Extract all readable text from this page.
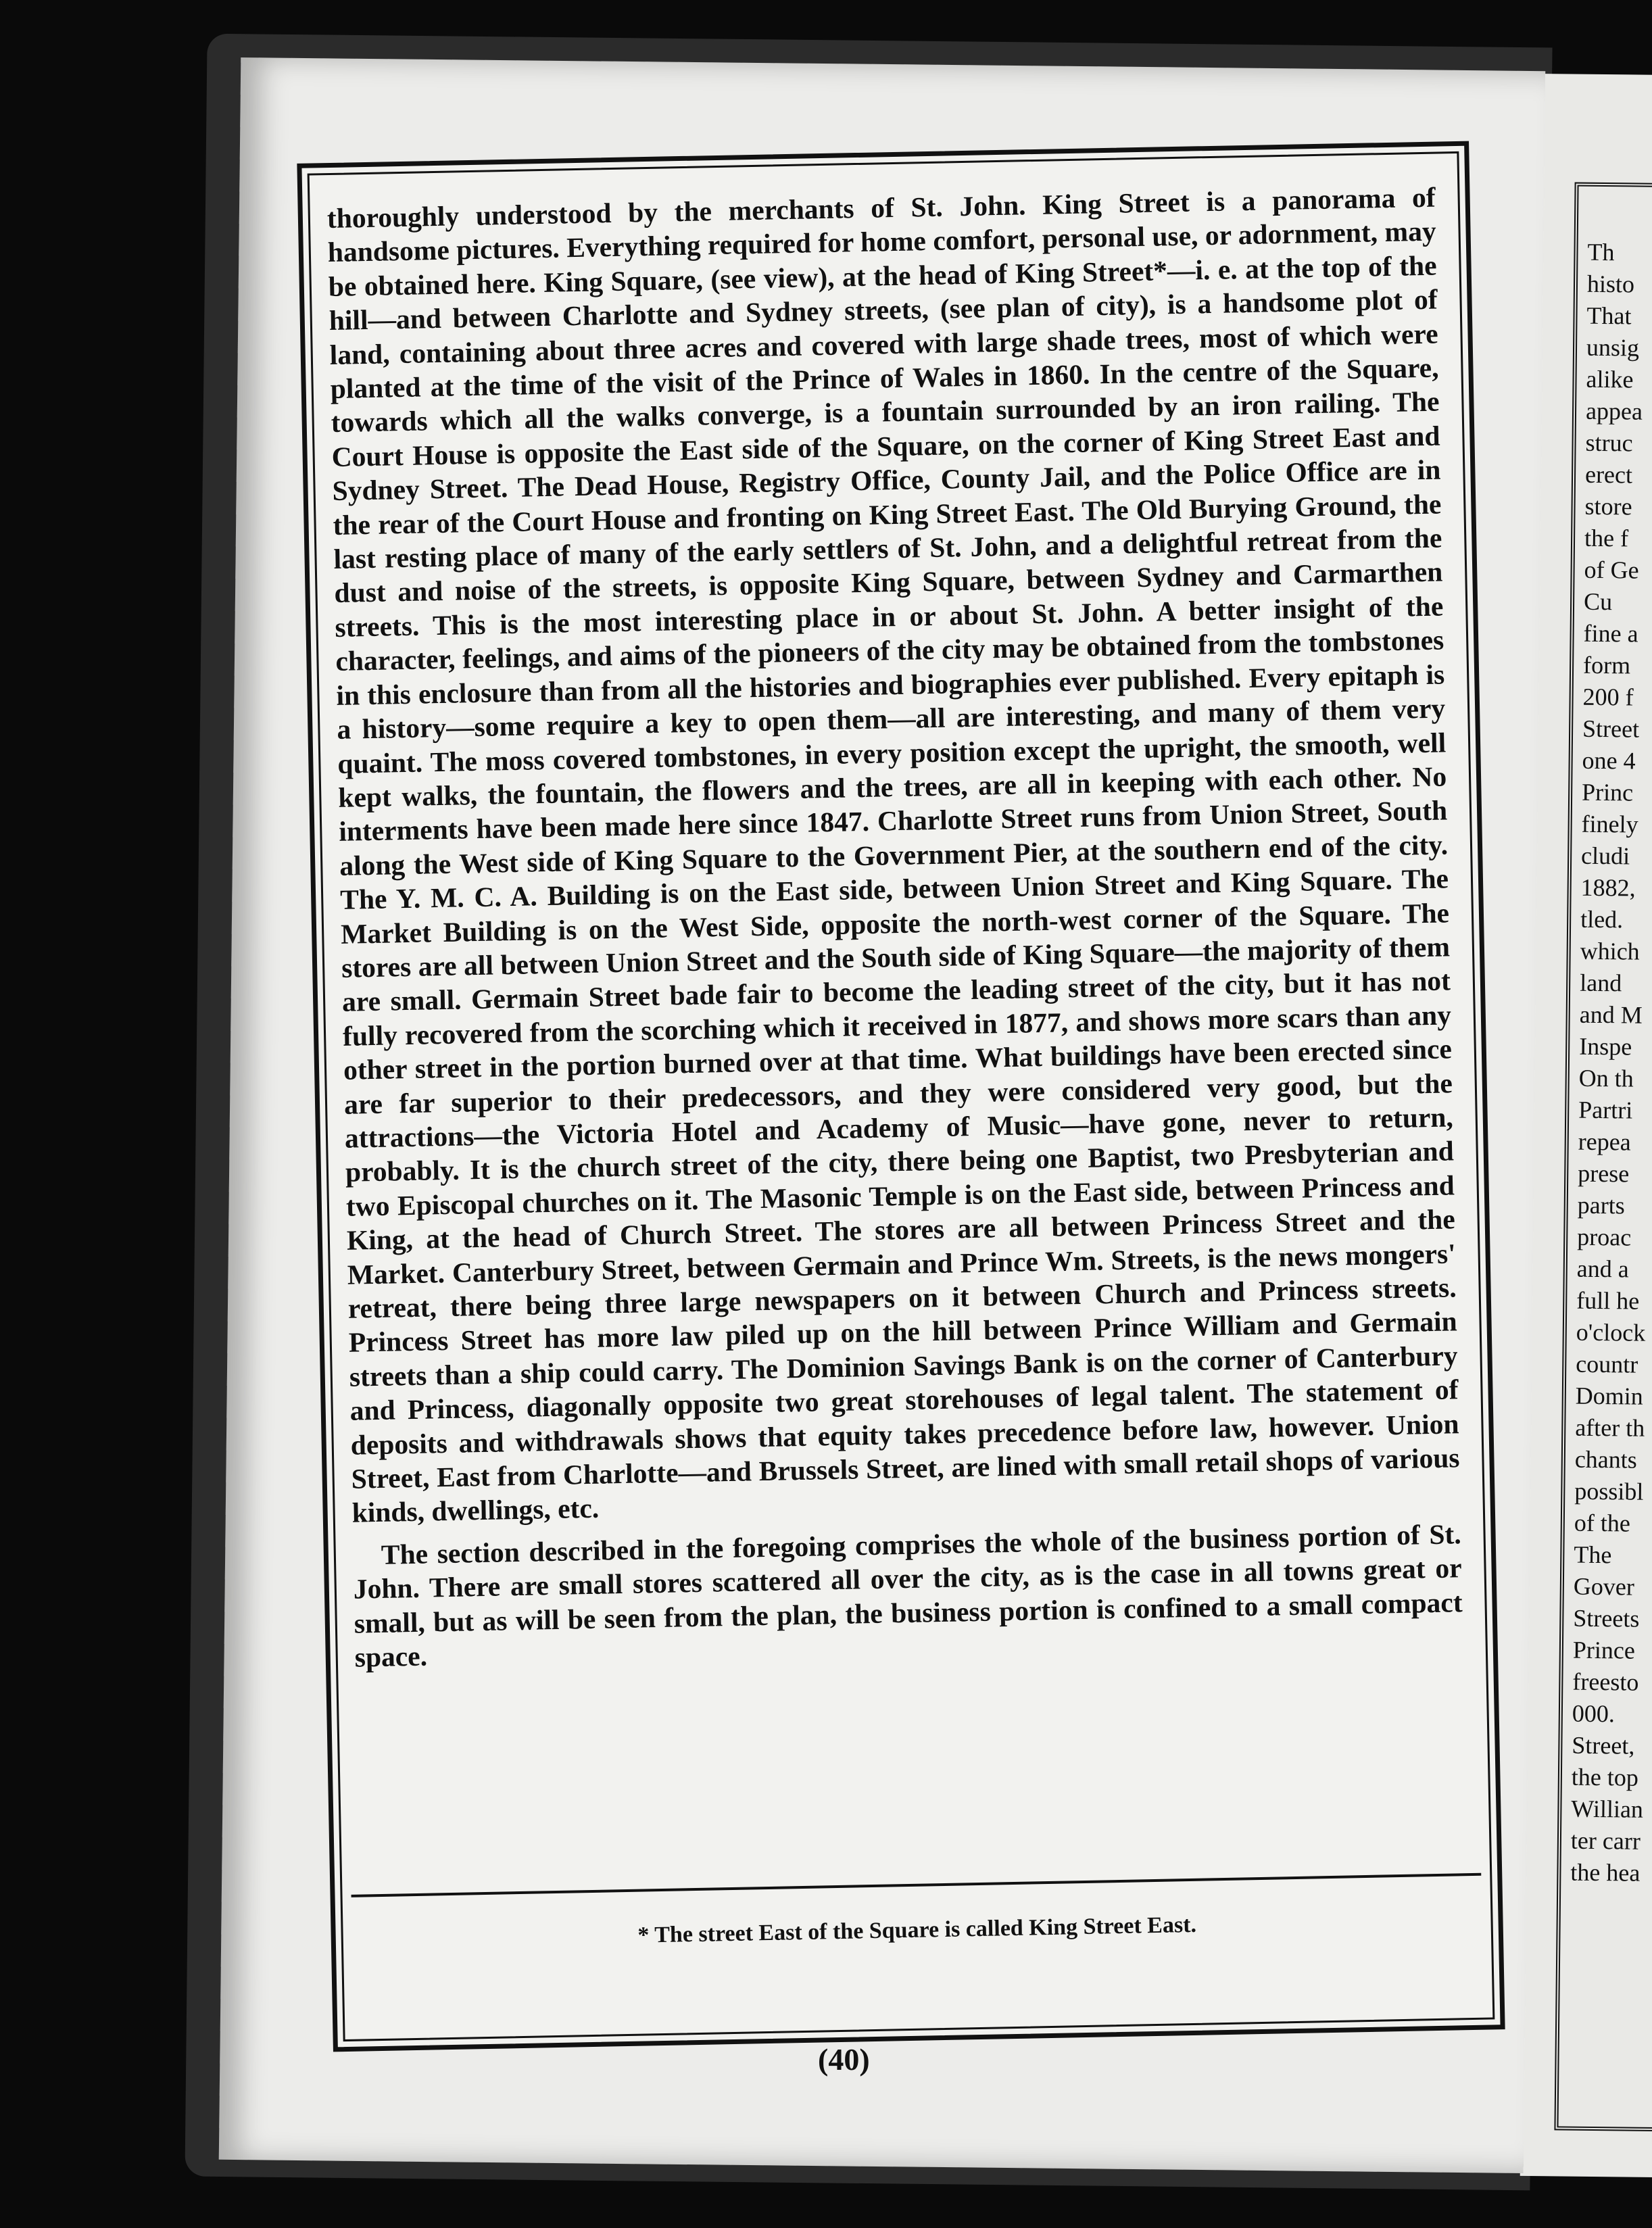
Th
histo
That
unsig
alike
appea
struc
erect
store
the f
of Ge
Cu
fine a
form
200 f
Street
one 4
Princ
finely
cludi
1882,
tled.
which
land
and M
Inspe
On th
Partri
repea
prese
parts
proac
and a
full he
o'clock
countr
Domin
after th
chants
possibl
of the
The
Gover
Streets
Prince
freesto
000.
Street,
the top
Willian
ter carr
the hea

thoroughly understood by the merchants of St. John. King Street is a panorama of handsome pictures. Everything required for home comfort, personal use, or adornment, may be obtained here. King Square, (see view), at the head of King Street*—i. e. at the top of the hill—and between Charlotte and Sydney streets, (see plan of city), is a handsome plot of land, containing about three acres and covered with large shade trees, most of which were planted at the time of the visit of the Prince of Wales in 1860. In the centre of the Square, towards which all the walks converge, is a fountain surrounded by an iron railing. The Court House is opposite the East side of the Square, on the corner of King Street East and Sydney Street. The Dead House, Registry Office, County Jail, and the Police Office are in the rear of the Court House and fronting on King Street East. The Old Burying Ground, the last resting place of many of the early settlers of St. John, and a delightful retreat from the dust and noise of the streets, is opposite King Square, between Sydney and Carmarthen streets. This is the most interesting place in or about St. John. A better insight of the character, feelings, and aims of the pioneers of the city may be obtained from the tombstones in this enclosure than from all the histories and biographies ever published. Every epitaph is a history—some require a key to open them—all are interesting, and many of them very quaint. The moss covered tombstones, in every position except the upright, the smooth, well kept walks, the fountain, the flowers and the trees, are all in keeping with each other. No interments have been made here since 1847. Charlotte Street runs from Union Street, South along the West side of King Square to the Government Pier, at the southern end of the city. The Y. M. C. A. Building is on the East side, between Union Street and King Square. The Market Building is on the West Side, opposite the north-west corner of the Square. The stores are all between Union Street and the South side of King Square—the majority of them are small. Germain Street bade fair to become the leading street of the city, but it has not fully recovered from the scorching which it received in 1877, and shows more scars than any other street in the portion burned over at that time. What buildings have been erected since are far superior to their predecessors, and they were considered very good, but the attractions—the Victoria Hotel and Academy of Music—have gone, never to return, probably. It is the church street of the city, there being one Baptist, two Presbyterian and two Episcopal churches on it. The Masonic Temple is on the East side, between Princess and King, at the head of Church Street. The stores are all between Princess Street and the Market. Canterbury Street, between Germain and Prince Wm. Streets, is the news mongers' retreat, there being three large newspapers on it between Church and Princess streets. Princess Street has more law piled up on the hill between Prince William and Germain streets than a ship could carry. The Dominion Savings Bank is on the corner of Canterbury and Princess, diagonally opposite two great storehouses of legal talent. The statement of deposits and withdrawals shows that equity takes precedence before law, however. Union Street, East from Charlotte—and Brussels Street, are lined with small retail shops of various kinds, dwellings, etc.

The section described in the foregoing comprises the whole of the business portion of St. John. There are small stores scattered all over the city, as is the case in all towns great or small, but as will be seen from the plan, the business portion is confined to a small compact space.

* The street East of the Square is called King Street East.
(40)
